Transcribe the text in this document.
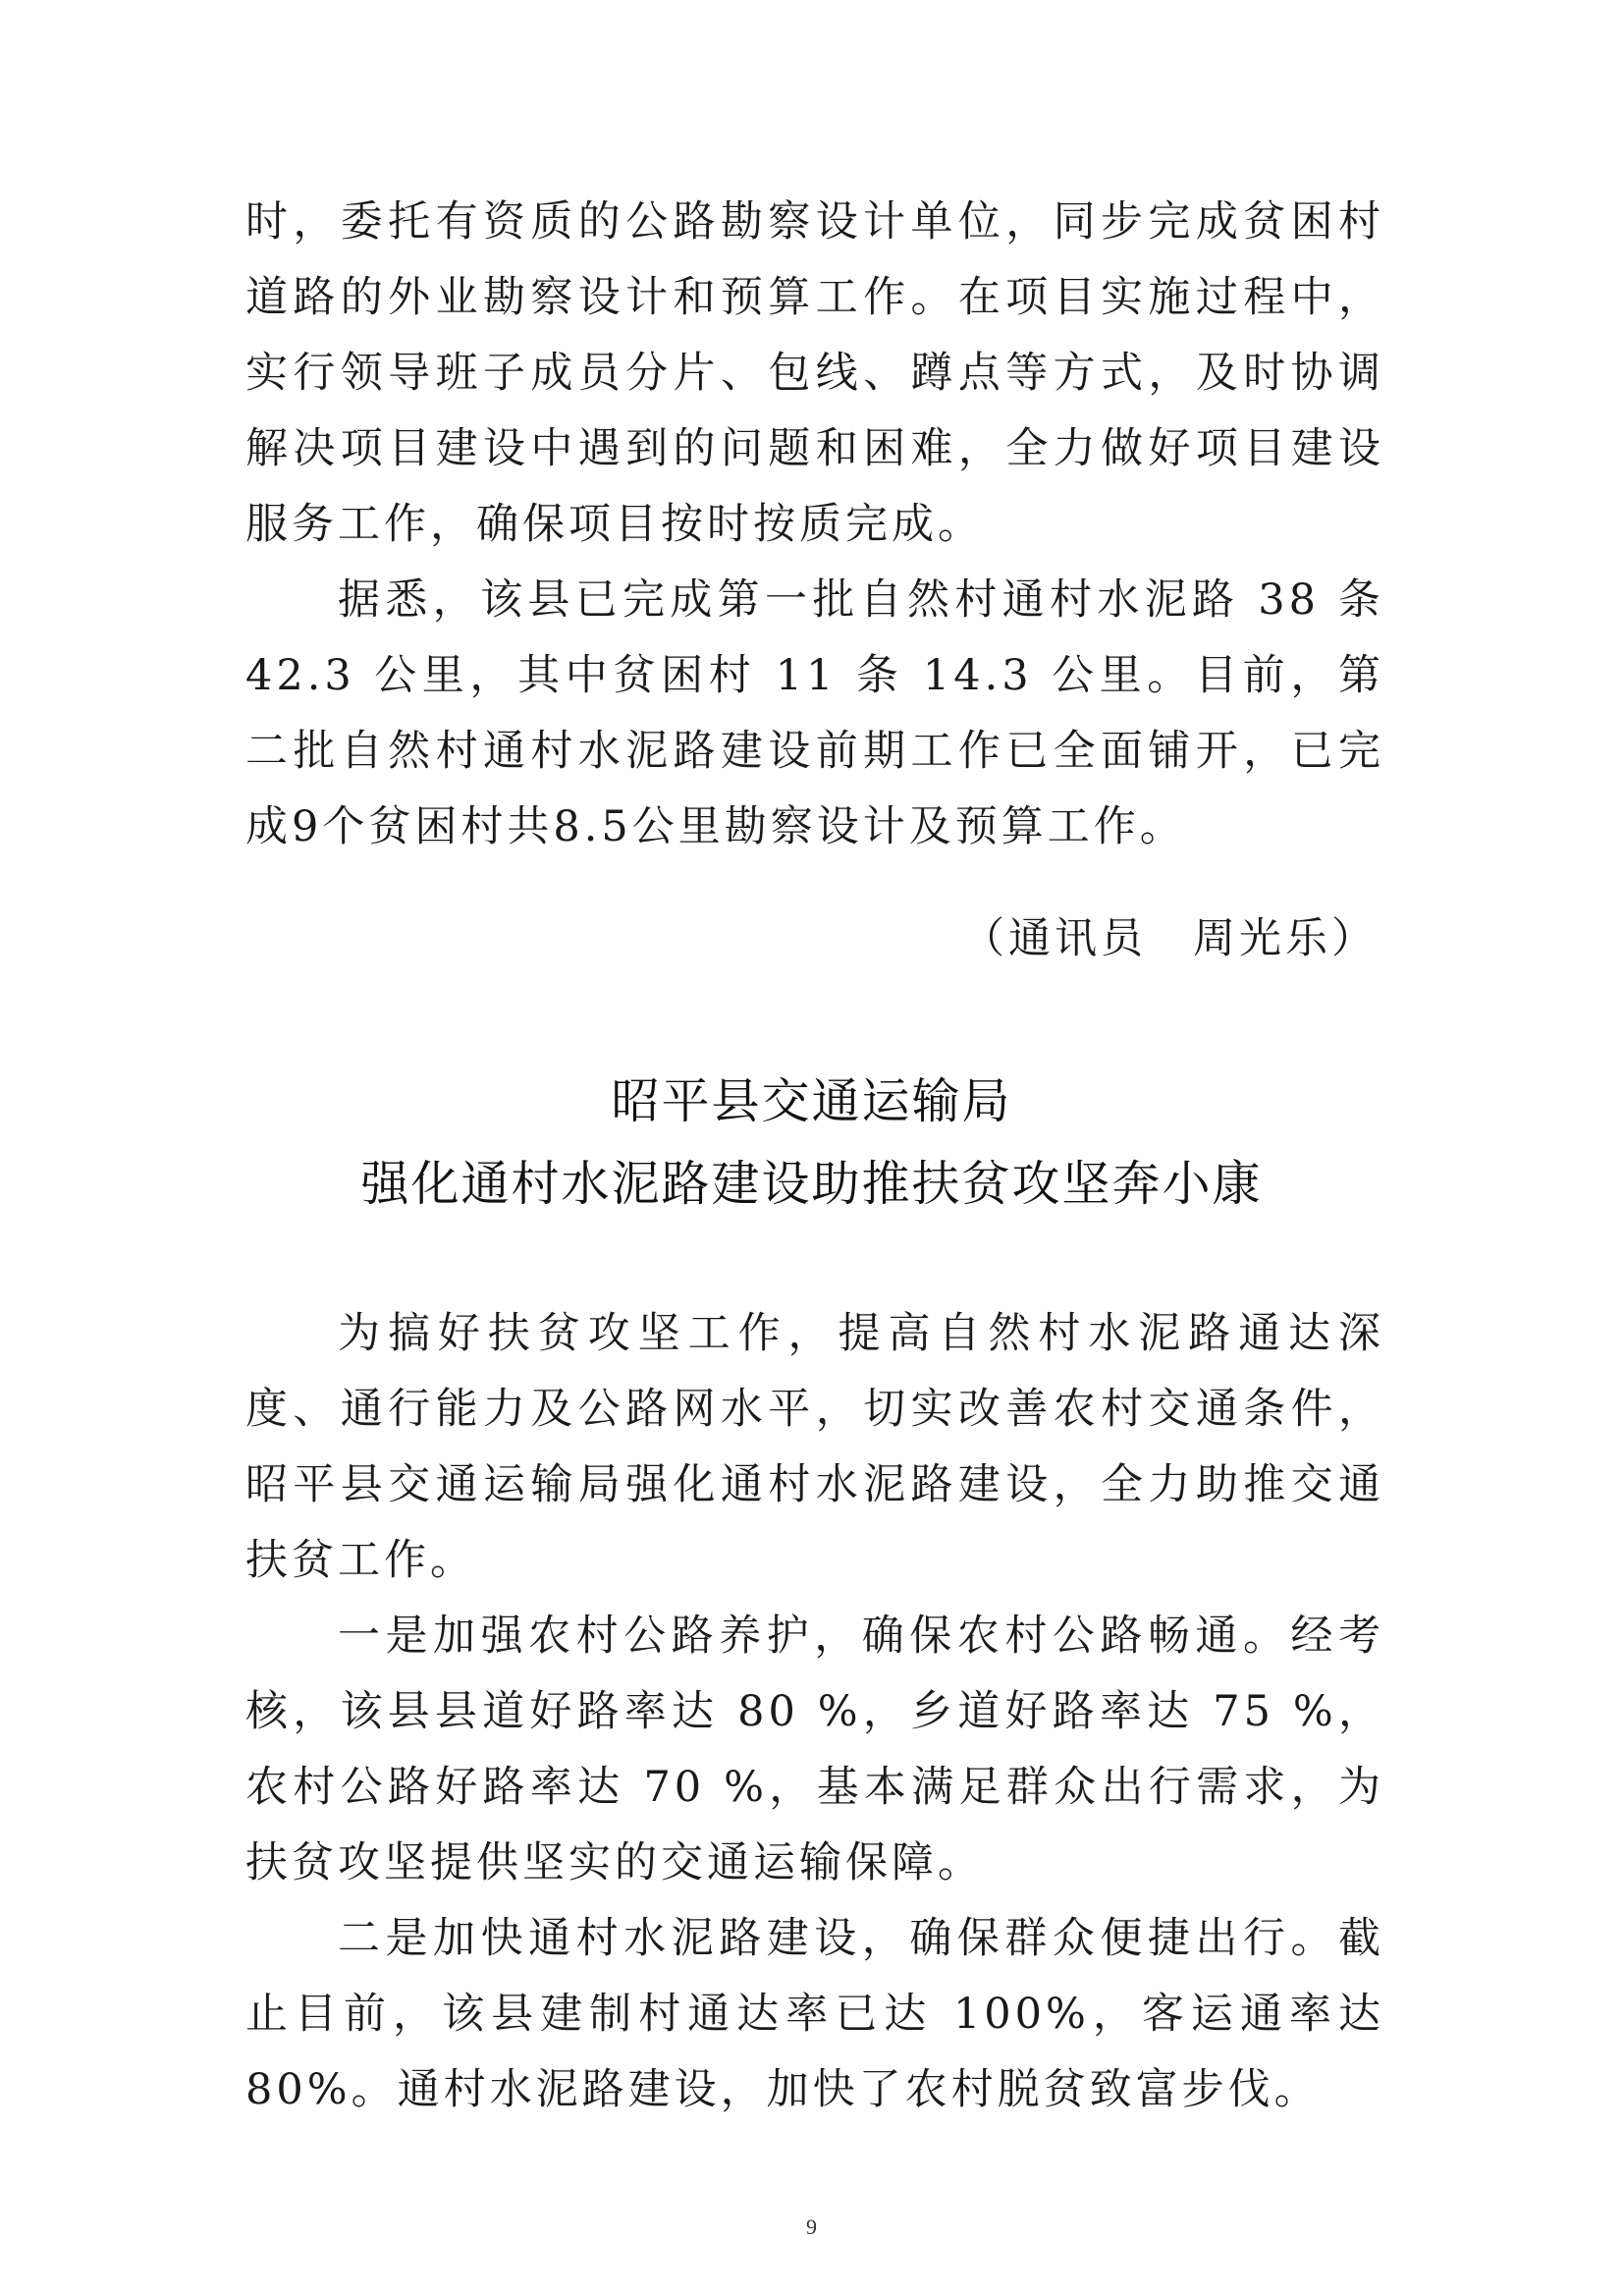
时，委托有资质的公路勘察设计单位，同步完成贫困村道路的外业勘察设计和预算工作。在项目实施过程中，实行领导班子成员分片、包线、蹲点等方式，及时协调解决项目建设中遇到的问题和困难，全力做好项目建设服务工作，确保项目按时按质完成。

据悉，该县已完成第一批自然村通村水泥路 38 条 42.3 公里，其中贫困村 11 条 14.3 公里。目前，第二批自然村通村水泥路建设前期工作已全面铺开，已完成9个贫困村共8.5公里勘察设计及预算工作。

（通讯员　周光乐）
昭平县交通运输局
强化通村水泥路建设助推扶贫攻坚奔小康

为搞好扶贫攻坚工作，提高自然村水泥路通达深度、通行能力及公路网水平，切实改善农村交通条件，昭平县交通运输局强化通村水泥路建设，全力助推交通扶贫工作。

一是加强农村公路养护，确保农村公路畅通。经考核，该县县道好路率达 80 %，乡道好路率达 75 %，农村公路好路率达 70 %，基本满足群众出行需求，为扶贫攻坚提供坚实的交通运输保障。

二是加快通村水泥路建设，确保群众便捷出行。截止目前，该县建制村通达率已达 100%，客运通率达 80%。通村水泥路建设，加快了农村脱贫致富步伐。

9
